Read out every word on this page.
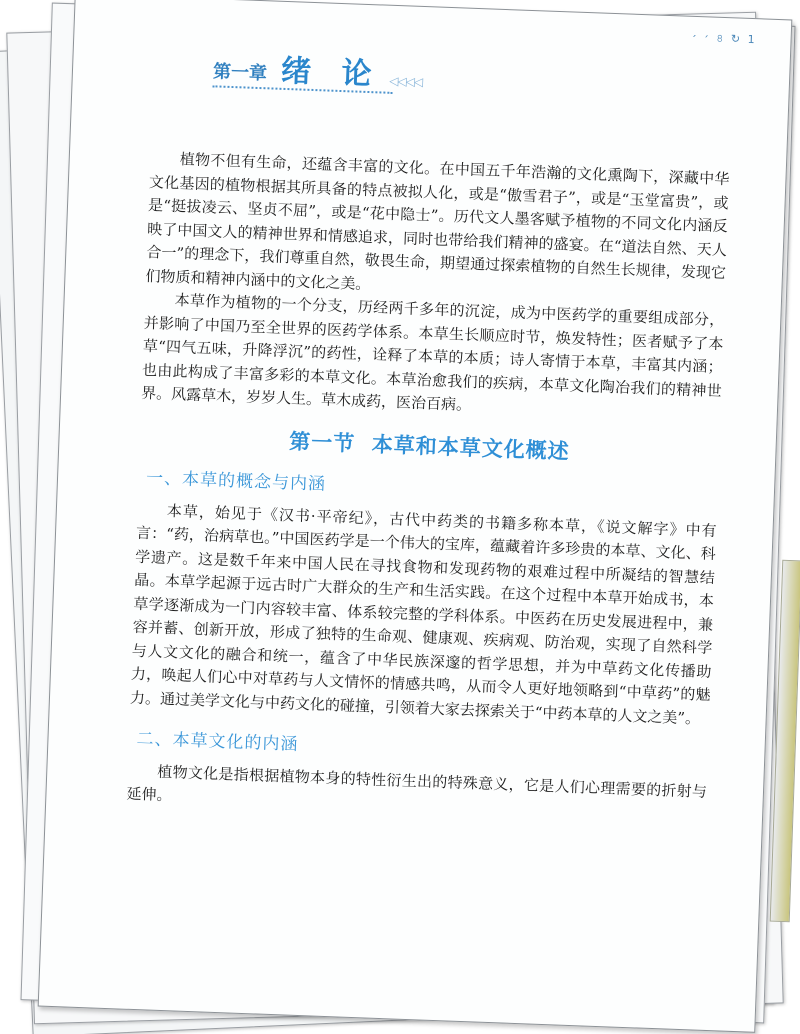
׳ ׳ ৪ ↻ 1
第一章 绪 论 ◁◁◁◁

植物不但有生命，还蕴含丰富的文化。在中国五千年浩瀚的文化熏陶下，深藏中华文化基因的植物根据其所具备的特点被拟人化，或是“傲雪君子”，或是“玉堂富贵”，或是“挺拔凌云、坚贞不屈”，或是“花中隐士”。历代文人墨客赋予植物的不同文化内涵反映了中国文人的精神世界和情感追求，同时也带给我们精神的盛宴。在“道法自然、天人合一”的理念下，我们尊重自然，敬畏生命，期望通过探索植物的自然生长规律，发现它们物质和精神内涵中的文化之美。

本草作为植物的一个分支，历经两千多年的沉淀，成为中医药学的重要组成部分，并影响了中国乃至全世界的医药学体系。本草生长顺应时节，焕发特性；医者赋予了本草“四气五味，升降浮沉”的药性，诠释了本草的本质；诗人寄情于本草，丰富其内涵；也由此构成了丰富多彩的本草文化。本草治愈我们的疾病，本草文化陶冶我们的精神世界。风露草木，岁岁人生。草木成药，医治百病。

第一节  本草和本草文化概述
一、本草的概念与内涵

本草，始见于《汉书·平帝纪》，古代中药类的书籍多称本草，《说文解字》中有言：“药，治病草也。”中国医药学是一个伟大的宝库，蕴藏着许多珍贵的本草、文化、科学遗产。这是数千年来中国人民在寻找食物和发现药物的艰难过程中所凝结的智慧结晶。本草学起源于远古时广大群众的生产和生活实践。在这个过程中本草开始成书，本草学逐渐成为一门内容较丰富、体系较完整的学科体系。中医药在历史发展进程中，兼容并蓄、创新开放，形成了独特的生命观、健康观、疾病观、防治观，实现了自然科学与人文文化的融合和统一，蕴含了中华民族深邃的哲学思想，并为中草药文化传播助力，唤起人们心中对草药与人文情怀的情感共鸣，从而令人更好地领略到“中草药”的魅力。通过美学文化与中药文化的碰撞，引领着大家去探索关于“中药本草的人文之美”。

二、本草文化的内涵

植物文化是指根据植物本身的特性衍生出的特殊意义，它是人们心理需要的折射与延伸。
